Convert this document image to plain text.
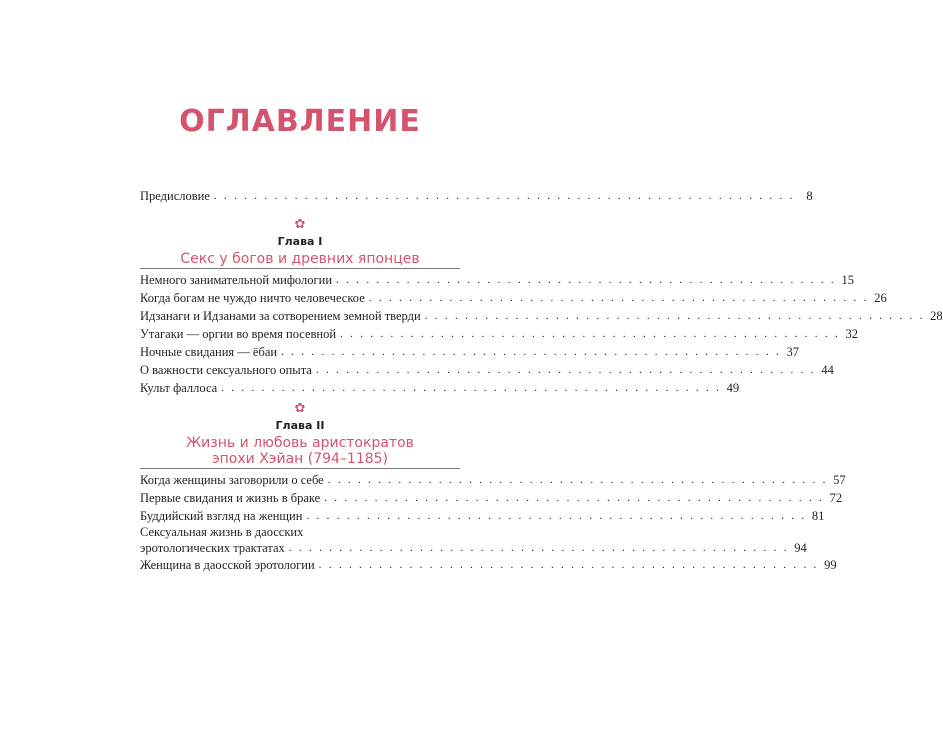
ОГЛАВЛЕНИЕ
Предисловие . . . . . . . . . . . . . . . . . . . . . . . . . . . . . . . . . . . . . . . . . . . . . . . . . . . . . . . . . . 8
✿
Глава I
Секс у богов и древних японцев
Немного занимательной мифологии . . . . . . . . . . . . . . . . . . . . . . . . . . . . . . . . . . . . . . . . . . . . . . . . . . 15
Когда богам не чуждо ничто человеческое . . . . . . . . . . . . . . . . . . . . . . . . . . . . . . . . . . . . . . . . . . . . . . . . . . 26
Идзанаги и Идзанами за сотворением земной тверди . . . . . . . . . . . . . . . . . . . . . . . . . . . . . . . . . . . . . . . . . . . . . . . . . . 28
Утагаки — оргии во время посевной . . . . . . . . . . . . . . . . . . . . . . . . . . . . . . . . . . . . . . . . . . . . . . . . . . 32
Ночные свидания — ёбаи . . . . . . . . . . . . . . . . . . . . . . . . . . . . . . . . . . . . . . . . . . . . . . . . . . 37
О важности сексуального опыта . . . . . . . . . . . . . . . . . . . . . . . . . . . . . . . . . . . . . . . . . . . . . . . . . . 44
Культ фаллоса . . . . . . . . . . . . . . . . . . . . . . . . . . . . . . . . . . . . . . . . . . . . . . . . . . 49
✿
Глава II
Жизнь и любовь аристократов
эпохи Хэйан (794–1185)
Когда женщины заговорили о себе . . . . . . . . . . . . . . . . . . . . . . . . . . . . . . . . . . . . . . . . . . . . . . . . . . 57
Первые свидания и жизнь в браке . . . . . . . . . . . . . . . . . . . . . . . . . . . . . . . . . . . . . . . . . . . . . . . . . . 72
Буддийский взгляд на женщин . . . . . . . . . . . . . . . . . . . . . . . . . . . . . . . . . . . . . . . . . . . . . . . . . . 81
Сексуальная жизнь в даосских
эротологических трактатах . . . . . . . . . . . . . . . . . . . . . . . . . . . . . . . . . . . . . . . . . . . . . . . . . . 94
Женщина в даосской эротологии . . . . . . . . . . . . . . . . . . . . . . . . . . . . . . . . . . . . . . . . . . . . . . . . . . 99
